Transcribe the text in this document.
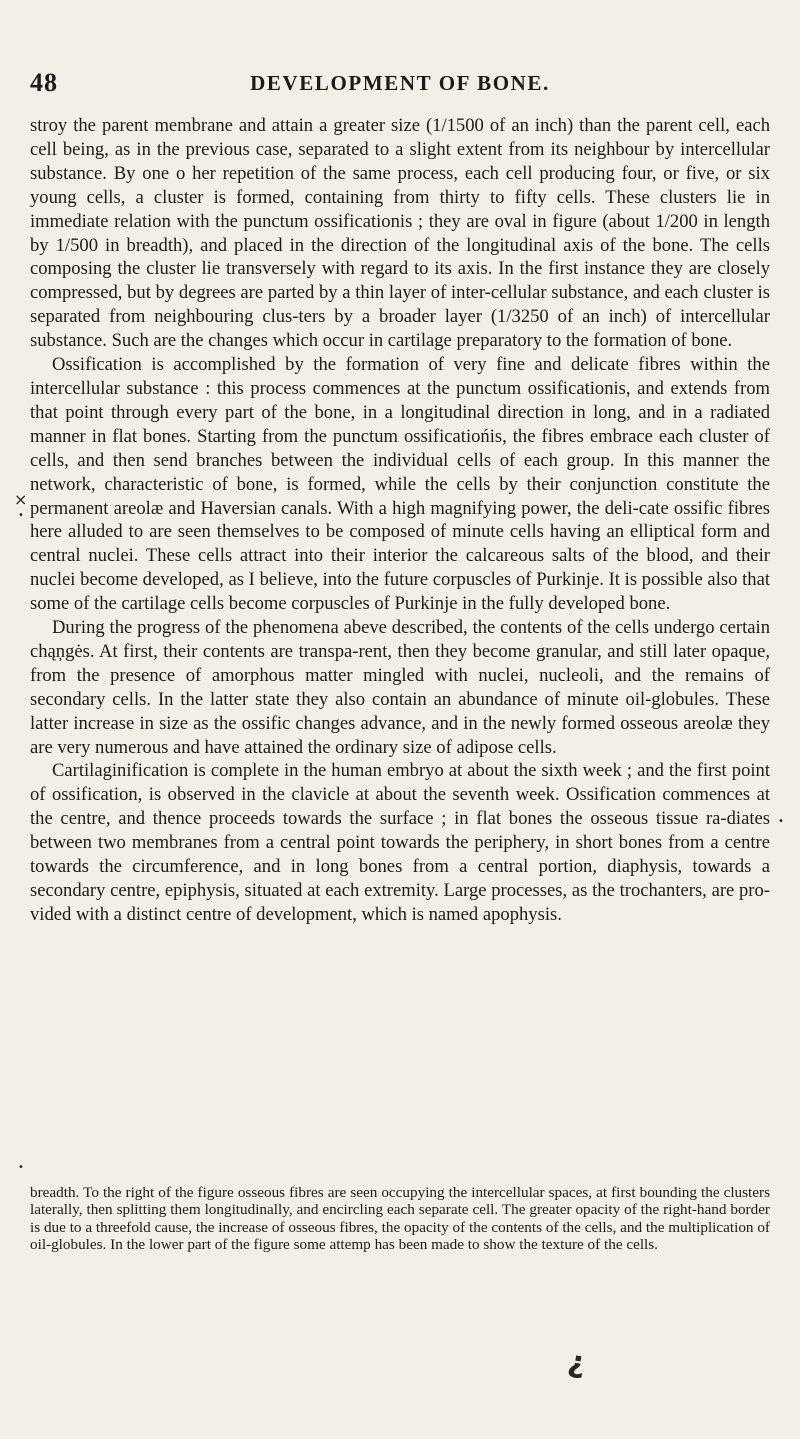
48	DEVELOPMENT OF BONE.

stroy the parent membrane and attain a greater size (1/1500 of an inch) than the parent cell, each cell being, as in the previous case, separated to a slight extent from its neighbour by intercellular substance. By one o her repetition of the same process, each cell producing four, or five, or six young cells, a cluster is formed, containing from thirty to fifty cells. These clusters lie in immediate relation with the punctum ossificationis ; they are oval in figure (about 1/200 in length by 1/500 in breadth), and placed in the direction of the longitudinal axis of the bone. The cells composing the cluster lie transversely with regard to its axis. In the first instance they are closely compressed, but by degrees are parted by a thin layer of inter-cellular substance, and each cluster is separated from neighbouring clus-ters by a broader layer (1/3250 of an inch) of intercellular substance. Such are the changes which occur in cartilage preparatory to the formation of bone.

Ossification is accomplished by the formation of very fine and delicate fibres within the intercellular substance : this process commences at the punctum ossificationis, and extends from that point through every part of the bone, in a longitudinal direction in long, and in a radiated manner in flat bones. Starting from the punctum ossificatiońis, the fibres embrace each cluster of cells, and then send branches between the individual cells of each group. In this manner the network, characteristic of bone, is formed, while the cells by their conjunction constitute the permanent areolæ and Haversian canals. With a high magnifying power, the deli-cate ossific fibres here alluded to are seen themselves to be composed of minute cells having an elliptical form and central nuclei. These cells attract into their interior the calcareous salts of the blood, and their nuclei become developed, as I believe, into the future corpuscles of Purkinje. It is possible also that some of the cartilage cells become corpuscles of Purkinje in the fully developed bone.

During the progress of the phenomena abeve described, the contents of the cells undergo certain chąņgės. At first, their contents are transpa-rent, then they become granular, and still later opaque, from the presence of amorphous matter mingled with nuclei, nucleoli, and the remains of secondary cells. In the latter state they also contain an abundance of minute oil-globules. These latter increase in size as the ossific changes advance, and in the newly formed osseous areolæ they are very numerous and have attained the ordinary size of adipose cells.

Cartilaginification is complete in the human embryo at about the sixth week ; and the first point of ossification, is observed in the clavicle at about the seventh week. Ossification commences at the centre, and thence proceeds towards the surface ; in flat bones the osseous tissue ra-diates between two membranes from a central point towards the periphery, in short bones from a centre towards the circumference, and in long bones from a central portion, diaphysis, towards a secondary centre, epiphysis, situated at each extremity. Large processes, as the trochanters, are pro-vided with a distinct centre of development, which is named apophysis.

breadth. To the right of the figure osseous fibres are seen occupying the intercellular spaces, at first bounding the clusters laterally, then splitting them longitudinally, and encircling each separate cell. The greater opacity of the right-hand border is due to a threefold cause, the increase of osseous fibres, the opacity of the contents of the cells, and the multiplication of oil-globules. In the lower part of the figure some attemp has been made to show the texture of the cells.

×
•
•
•
¿
